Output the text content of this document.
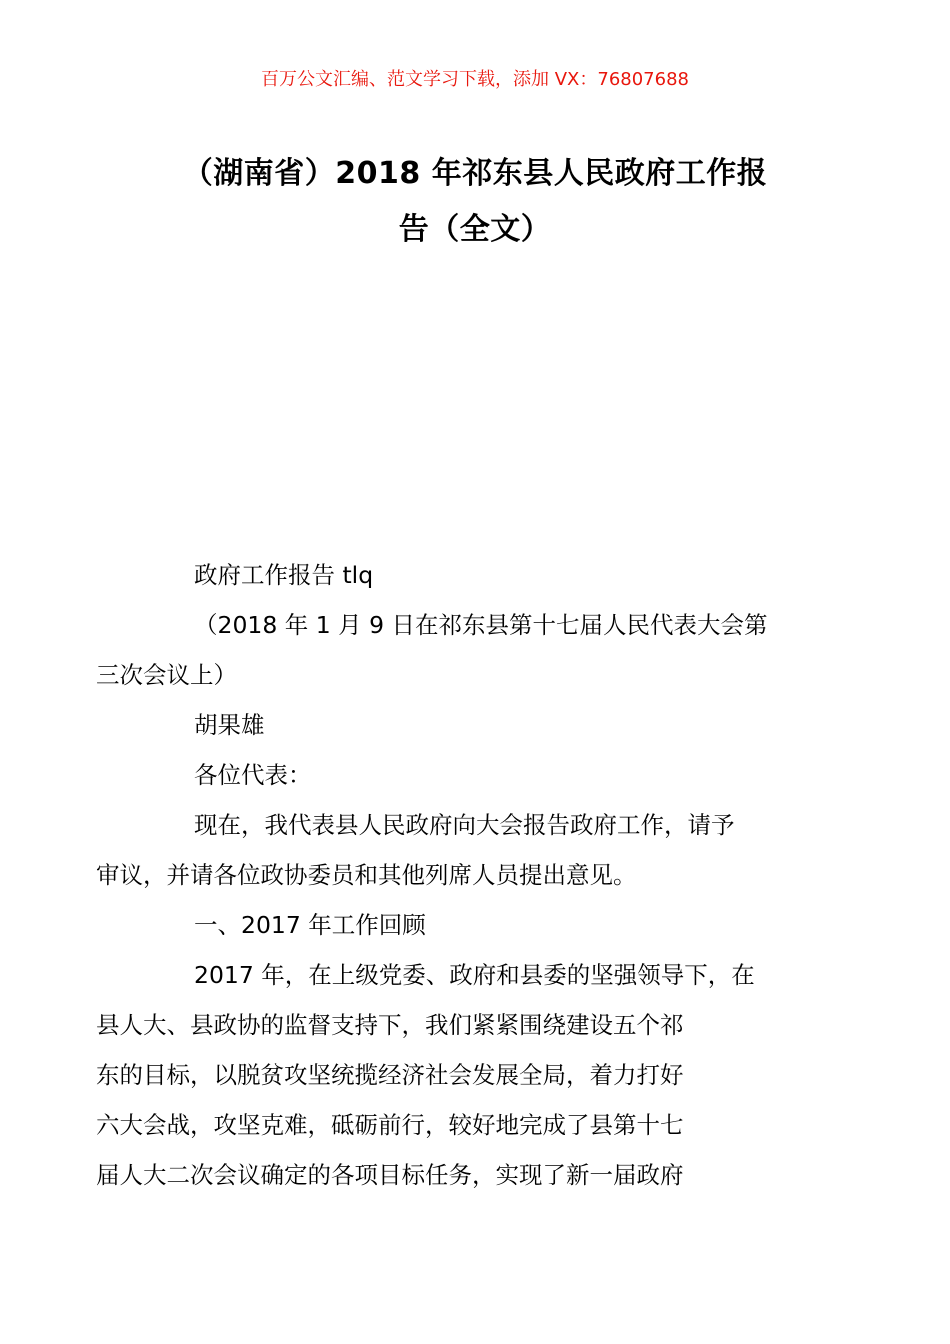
百万公文汇编、范文学习下载，添加 VX：76807688
（湖南省）2018 年祁东县人民政府工作报
告（全文）

政府工作报告 tlq

（2018 年 1 月 9 日在祁东县第十七届人民代表大会第
三次会议上）

胡果雄

各位代表：

现在，我代表县人民政府向大会报告政府工作，请予
审议，并请各位政协委员和其他列席人员提出意见。

一、2017 年工作回顾

2017 年，在上级党委、政府和县委的坚强领导下，在
县人大、县政协的监督支持下，我们紧紧围绕建设五个祁
东的目标，以脱贫攻坚统揽经济社会发展全局，着力打好
六大会战，攻坚克难，砥砺前行，较好地完成了县第十七
届人大二次会议确定的各项目标任务，实现了新一届政府
